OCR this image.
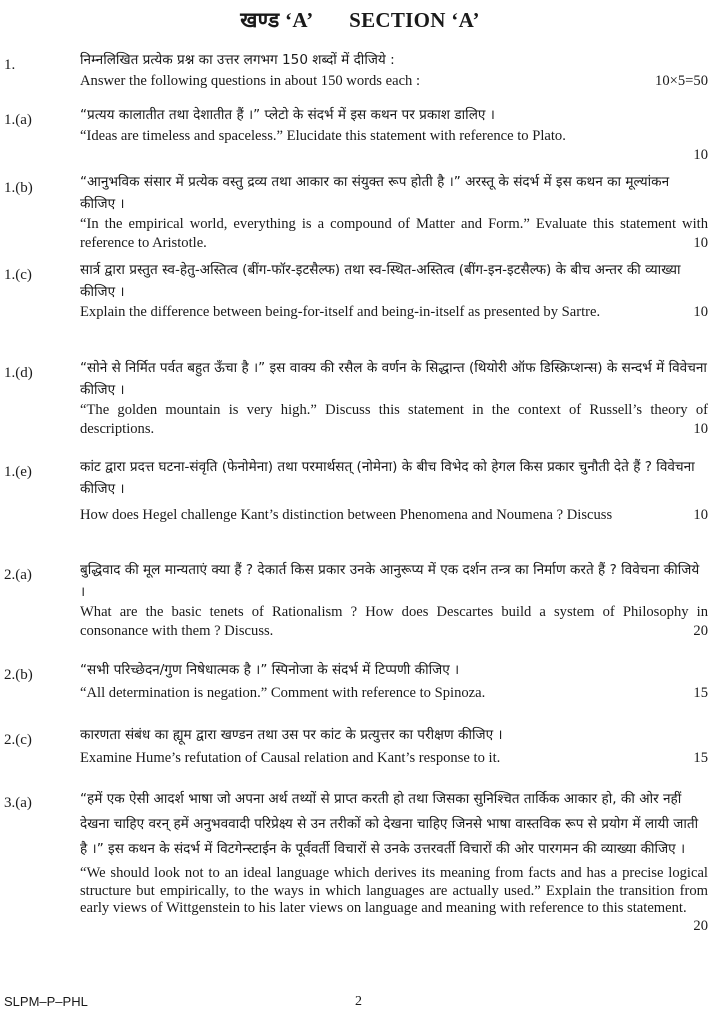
खण्ड ‘A’ SECTION ‘A’
1.	निम्नलिखित प्रत्येक प्रश्न का उत्तर लगभग 150 शब्दों में दीजिये :
10×5=50
Answer the following questions in about 150 words each :
1.(a)	“प्रत्यय कालातीत तथा देशातीत हैं ।” प्लेटो के संदर्भ में इस कथन पर प्रकाश डालिए ।
“Ideas are timeless and spaceless.” Elucidate this statement with reference to Plato.
10
1.(b)	“आनुभविक संसार में प्रत्येक वस्तु द्रव्य तथा आकार का संयुक्त रूप होती है ।” अरस्तू के संदर्भ में इस कथन का मूल्यांकन कीजिए ।
“In the empirical world, everything is a compound of Matter and Form.” Evaluate this statement with reference to Aristotle.	10
1.(c)	सार्त्र द्वारा प्रस्तुत स्व-हेतु-अस्तित्व (बींग-फॉर-इटसैल्फ) तथा स्व-स्थित-अस्तित्व (बींग-इन-इटसैल्फ) के बीच अन्तर की व्याख्या कीजिए ।
Explain the difference between being-for-itself and being-in-itself as presented by Sartre.	10
1.(d)	“सोने से निर्मित पर्वत बहुत ऊँचा है ।” इस वाक्य की रसैल के वर्णन के सिद्धान्त (थियोरी ऑफ डिस्क्रिप्शन्स) के सन्दर्भ में विवेचना कीजिए ।
“The golden mountain is very high.” Discuss this statement in the context of Russell’s theory of descriptions.	10
1.(e)	कांट द्वारा प्रदत्त घटना-संवृति (फेनोमेना) तथा परमार्थसत् (नोमेना) के बीच विभेद को हेगल किस प्रकार चुनौती देते हैं ? विवेचना कीजिए ।
How does Hegel challenge Kant’s distinction between Phenomena and Noumena ? Discuss	10
2.(a)	बुद्धिवाद की मूल मान्यताएं क्या हैं ? देकार्त किस प्रकार उनके आनुरूप्य में एक दर्शन तन्त्र का निर्माण करते हैं ? विवेचना कीजिये ।
What are the basic tenets of Rationalism ? How does Descartes build a system of Philosophy in consonance with them ? Discuss.	20
2.(b)	“सभी परिच्छेदन/गुण निषेधात्मक है ।” स्पिनोजा के संदर्भ में टिप्पणी कीजिए ।
15
“All determination is negation.” Comment with reference to Spinoza.
2.(c)	कारणता संबंध का ह्यूम द्वारा खण्डन तथा उस पर कांट के प्रत्युत्तर का परीक्षण कीजिए ।
15
Examine Hume’s refutation of Causal relation and Kant’s response to it.
3.(a)	“हमें एक ऐसी आदर्श भाषा जो अपना अर्थ तथ्यों से प्राप्त करती हो तथा जिसका सुनिश्चित तार्किक आकार हो, की ओर नहीं देखना चाहिए वरन् हमें अनुभववादी परिप्रेक्ष्य से उन तरीकों को देखना चाहिए जिनसे भाषा वास्तविक रूप से प्रयोग में लायी जाती है ।” इस कथन के संदर्भ में विटगेन्स्टाईन के पूर्ववर्ती विचारों से उनके उत्तरवर्ती विचारों की ओर पारगमन की व्याख्या कीजिए ।
“We should look not to an ideal language which derives its meaning from facts and has a precise logical structure but empirically, to the ways in which languages are actually used.” Explain the transition from early views of Wittgenstein to his later views on language and meaning with reference to this statement.
20
SLPM–P–PHL	2
